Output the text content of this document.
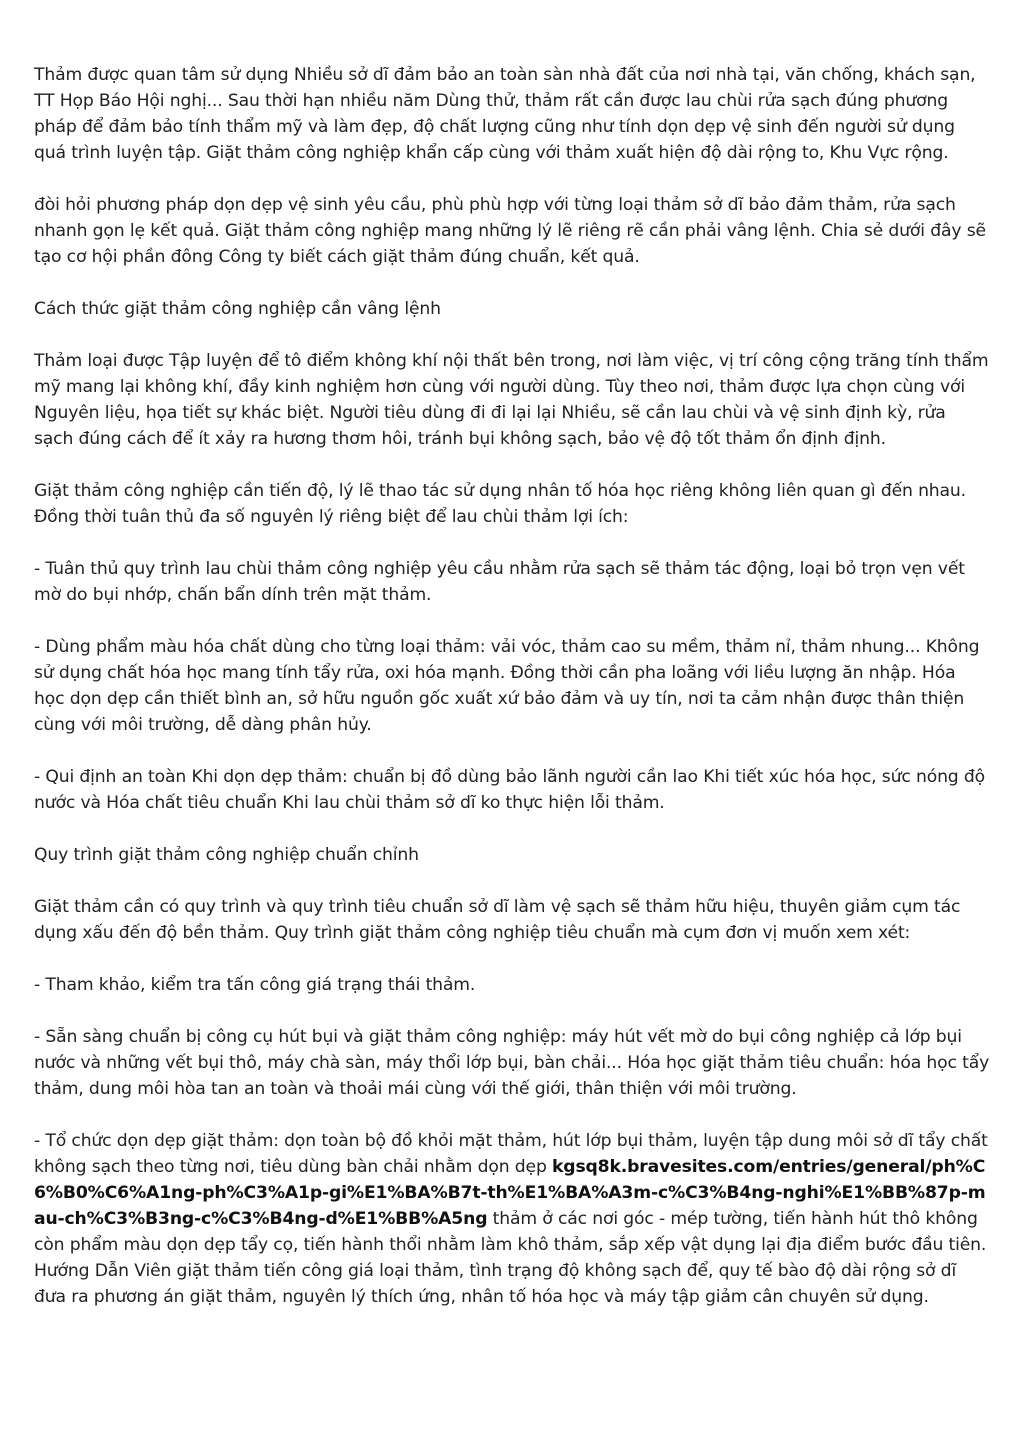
Thảm được quan tâm sử dụng Nhiều sở dĩ đảm bảo an toàn sàn nhà đất của nơi nhà tại, văn chống, khách sạn, TT Họp Báo Hội nghị... Sau thời hạn nhiều năm Dùng thử, thảm rất cần được lau chùi rửa sạch đúng phương pháp để đảm bảo tính thẩm mỹ và làm đẹp, độ chất lượng cũng như tính dọn dẹp vệ sinh đến người sử dụng quá trình luyện tập. Giặt thảm công nghiệp khẩn cấp cùng với thảm xuất hiện độ dài rộng to, Khu Vực rộng.

đòi hỏi phương pháp dọn dẹp vệ sinh yêu cầu, phù phù hợp với từng loại thảm sở dĩ bảo đảm thảm, rửa sạch nhanh gọn lẹ kết quả. Giặt thảm công nghiệp mang những lý lẽ riêng rẽ cần phải vâng lệnh. Chia sẻ dưới đây sẽ tạo cơ hội phần đông Công ty biết cách giặt thảm đúng chuẩn, kết quả.

Cách thức giặt thảm công nghiệp cần vâng lệnh

Thảm loại được Tập luyện để tô điểm không khí nội thất bên trong, nơi làm việc, vị trí công cộng trăng tính thẩm mỹ mang lại không khí, đầy kinh nghiệm hơn cùng với người dùng. Tùy theo nơi, thảm được lựa chọn cùng với Nguyên liệu, họa tiết sự khác biệt. Người tiêu dùng đi đi lại lại Nhiều, sẽ cần lau chùi và vệ sinh định kỳ, rửa sạch đúng cách để ít xảy ra hương thơm hôi, tránh bụi không sạch, bảo vệ độ tốt thảm ổn định định.

Giặt thảm công nghiệp cần tiến độ, lý lẽ thao tác sử dụng nhân tố hóa học riêng không liên quan gì đến nhau. Đồng thời tuân thủ đa số nguyên lý riêng biệt để lau chùi thảm lợi ích:

- Tuân thủ quy trình lau chùi thảm công nghiệp yêu cầu nhằm rửa sạch sẽ thảm tác động, loại bỏ trọn vẹn vết mờ do bụi nhớp, chấn bẩn dính trên mặt thảm.

- Dùng phẩm màu hóa chất dùng cho từng loại thảm: vải vóc, thảm cao su mềm, thảm nỉ, thảm nhung... Không sử dụng chất hóa học mang tính tẩy rửa, oxi hóa mạnh. Đồng thời cần pha loãng với liều lượng ăn nhập. Hóa học dọn dẹp cần thiết bình an, sở hữu nguồn gốc xuất xứ bảo đảm và uy tín, nơi ta cảm nhận được thân thiện cùng với môi trường, dễ dàng phân hủy.

- Qui định an toàn Khi dọn dẹp thảm: chuẩn bị đồ dùng bảo lãnh người cần lao Khi tiết xúc hóa học, sức nóng độ nước và Hóa chất tiêu chuẩn Khi lau chùi thảm sở dĩ ko thực hiện lỗi thảm.

Quy trình giặt thảm công nghiệp chuẩn chỉnh

Giặt thảm cần có quy trình và quy trình tiêu chuẩn sở dĩ làm vệ sạch sẽ thảm hữu hiệu, thuyên giảm cụm tác dụng xấu đến độ bền thảm. Quy trình giặt thảm công nghiệp tiêu chuẩn mà cụm đơn vị muốn xem xét:

- Tham khảo, kiểm tra tấn công giá trạng thái thảm.

- Sẵn sàng chuẩn bị công cụ hút bụi và giặt thảm công nghiệp: máy hút vết mờ do bụi công nghiệp cả lớp bụi nước và những vết bụi thô, máy chà sàn, máy thổi lớp bụi, bàn chải... Hóa học giặt thảm tiêu chuẩn: hóa học tẩy thảm, dung môi hòa tan an toàn và thoải mái cùng với thế giới, thân thiện với môi trường.

- Tổ chức dọn dẹp giặt thảm: dọn toàn bộ đồ khỏi mặt thảm, hút lớp bụi thảm, luyện tập dung môi sở dĩ tẩy chất không sạch theo từng nơi, tiêu dùng bàn chải nhằm dọn dẹp kgsq8k.bravesites.com/entries/general/ph%C6%B0%C6%A1ng-ph%C3%A1p-gi%E1%BA%B7t-th%E1%BA%A3m-c%C3%B4ng-nghi%E1%BB%87p-mau-ch%C3%B3ng-c%C3%B4ng-d%E1%BB%A5ng thảm ở các nơi góc - mép tường, tiến hành hút thô không còn phẩm màu dọn dẹp tẩy cọ, tiến hành thổi nhằm làm khô thảm, sắp xếp vật dụng lại địa điểm bước đầu tiên. Hướng Dẫn Viên giặt thảm tiến công giá loại thảm, tình trạng độ không sạch để, quy tế bào độ dài rộng sở dĩ đưa ra phương án giặt thảm, nguyên lý thích ứng, nhân tố hóa học và máy tập giảm cân chuyên sử dụng.
